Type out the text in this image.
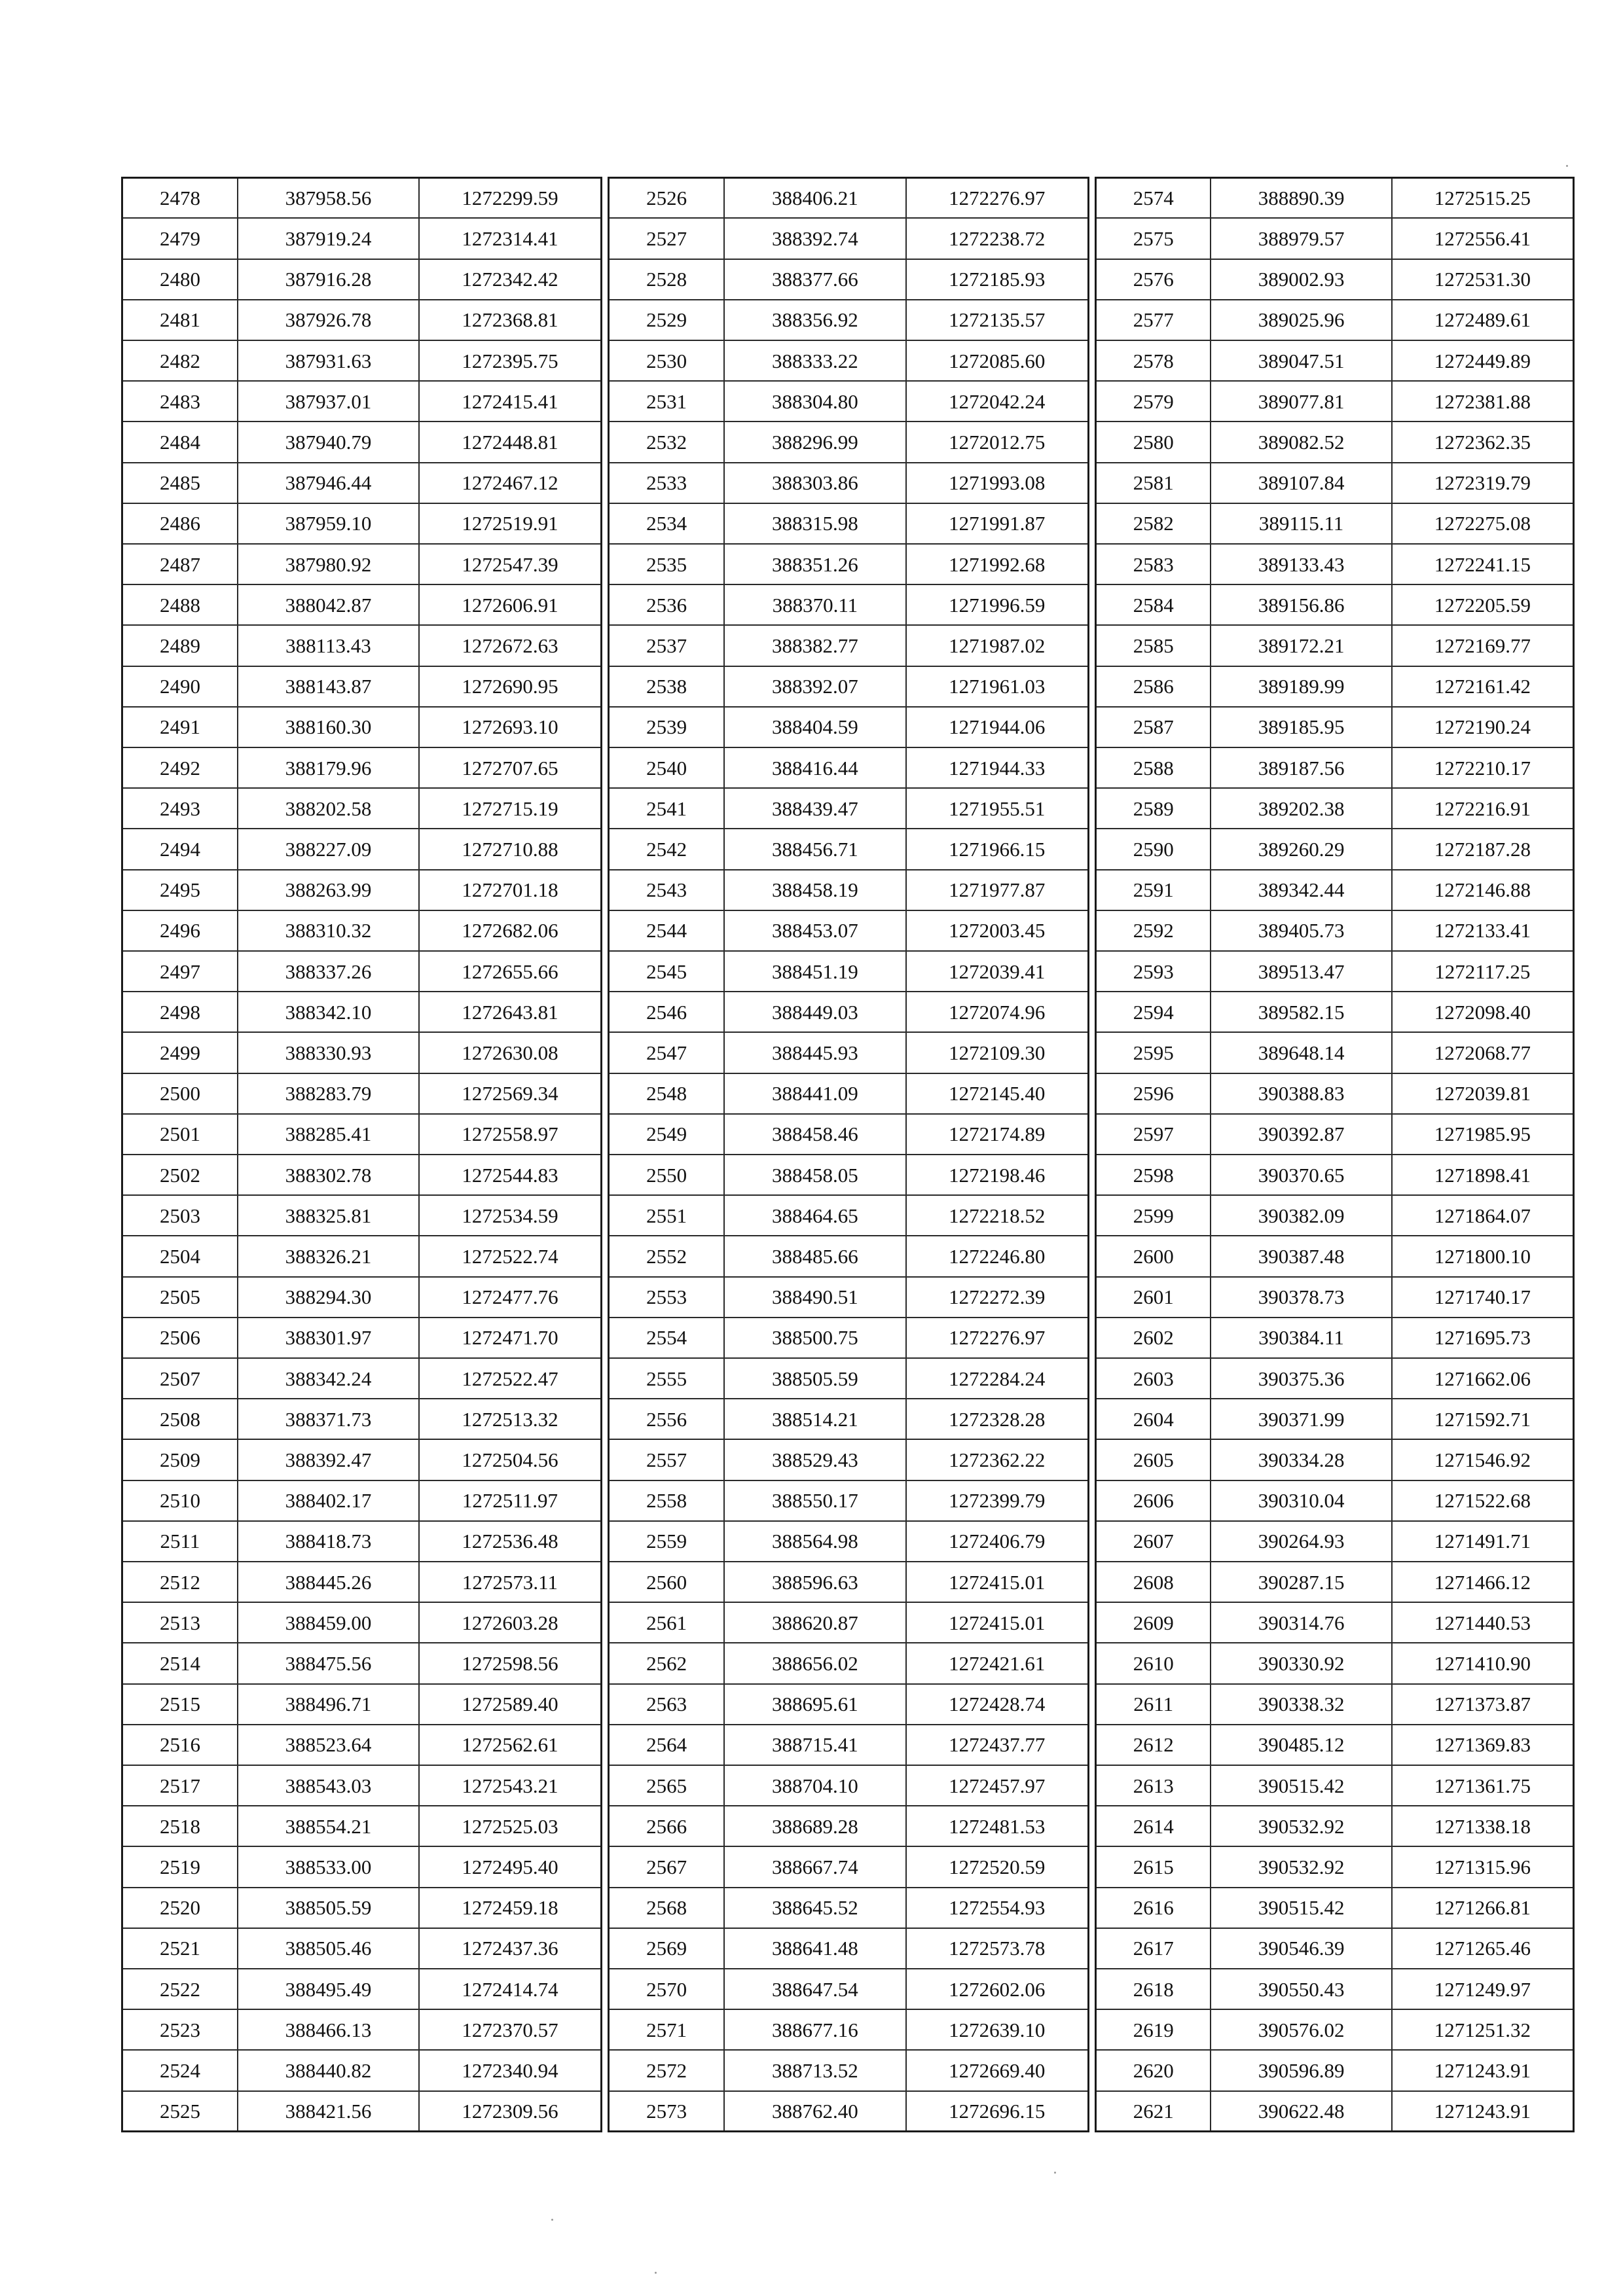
2478	387958.56	1272299.59
2479	387919.24	1272314.41
2480	387916.28	1272342.42
2481	387926.78	1272368.81
2482	387931.63	1272395.75
2483	387937.01	1272415.41
2484	387940.79	1272448.81
2485	387946.44	1272467.12
2486	387959.10	1272519.91
2487	387980.92	1272547.39
2488	388042.87	1272606.91
2489	388113.43	1272672.63
2490	388143.87	1272690.95
2491	388160.30	1272693.10
2492	388179.96	1272707.65
2493	388202.58	1272715.19
2494	388227.09	1272710.88
2495	388263.99	1272701.18
2496	388310.32	1272682.06
2497	388337.26	1272655.66
2498	388342.10	1272643.81
2499	388330.93	1272630.08
2500	388283.79	1272569.34
2501	388285.41	1272558.97
2502	388302.78	1272544.83
2503	388325.81	1272534.59
2504	388326.21	1272522.74
2505	388294.30	1272477.76
2506	388301.97	1272471.70
2507	388342.24	1272522.47
2508	388371.73	1272513.32
2509	388392.47	1272504.56
2510	388402.17	1272511.97
2511	388418.73	1272536.48
2512	388445.26	1272573.11
2513	388459.00	1272603.28
2514	388475.56	1272598.56
2515	388496.71	1272589.40
2516	388523.64	1272562.61
2517	388543.03	1272543.21
2518	388554.21	1272525.03
2519	388533.00	1272495.40
2520	388505.59	1272459.18
2521	388505.46	1272437.36
2522	388495.49	1272414.74
2523	388466.13	1272370.57
2524	388440.82	1272340.94
2525	388421.56	1272309.56
2526	388406.21	1272276.97
2527	388392.74	1272238.72
2528	388377.66	1272185.93
2529	388356.92	1272135.57
2530	388333.22	1272085.60
2531	388304.80	1272042.24
2532	388296.99	1272012.75
2533	388303.86	1271993.08
2534	388315.98	1271991.87
2535	388351.26	1271992.68
2536	388370.11	1271996.59
2537	388382.77	1271987.02
2538	388392.07	1271961.03
2539	388404.59	1271944.06
2540	388416.44	1271944.33
2541	388439.47	1271955.51
2542	388456.71	1271966.15
2543	388458.19	1271977.87
2544	388453.07	1272003.45
2545	388451.19	1272039.41
2546	388449.03	1272074.96
2547	388445.93	1272109.30
2548	388441.09	1272145.40
2549	388458.46	1272174.89
2550	388458.05	1272198.46
2551	388464.65	1272218.52
2552	388485.66	1272246.80
2553	388490.51	1272272.39
2554	388500.75	1272276.97
2555	388505.59	1272284.24
2556	388514.21	1272328.28
2557	388529.43	1272362.22
2558	388550.17	1272399.79
2559	388564.98	1272406.79
2560	388596.63	1272415.01
2561	388620.87	1272415.01
2562	388656.02	1272421.61
2563	388695.61	1272428.74
2564	388715.41	1272437.77
2565	388704.10	1272457.97
2566	388689.28	1272481.53
2567	388667.74	1272520.59
2568	388645.52	1272554.93
2569	388641.48	1272573.78
2570	388647.54	1272602.06
2571	388677.16	1272639.10
2572	388713.52	1272669.40
2573	388762.40	1272696.15
2574	388890.39	1272515.25
2575	388979.57	1272556.41
2576	389002.93	1272531.30
2577	389025.96	1272489.61
2578	389047.51	1272449.89
2579	389077.81	1272381.88
2580	389082.52	1272362.35
2581	389107.84	1272319.79
2582	389115.11	1272275.08
2583	389133.43	1272241.15
2584	389156.86	1272205.59
2585	389172.21	1272169.77
2586	389189.99	1272161.42
2587	389185.95	1272190.24
2588	389187.56	1272210.17
2589	389202.38	1272216.91
2590	389260.29	1272187.28
2591	389342.44	1272146.88
2592	389405.73	1272133.41
2593	389513.47	1272117.25
2594	389582.15	1272098.40
2595	389648.14	1272068.77
2596	390388.83	1272039.81
2597	390392.87	1271985.95
2598	390370.65	1271898.41
2599	390382.09	1271864.07
2600	390387.48	1271800.10
2601	390378.73	1271740.17
2602	390384.11	1271695.73
2603	390375.36	1271662.06
2604	390371.99	1271592.71
2605	390334.28	1271546.92
2606	390310.04	1271522.68
2607	390264.93	1271491.71
2608	390287.15	1271466.12
2609	390314.76	1271440.53
2610	390330.92	1271410.90
2611	390338.32	1271373.87
2612	390485.12	1271369.83
2613	390515.42	1271361.75
2614	390532.92	1271338.18
2615	390532.92	1271315.96
2616	390515.42	1271266.81
2617	390546.39	1271265.46
2618	390550.43	1271249.97
2619	390576.02	1271251.32
2620	390596.89	1271243.91
2621	390622.48	1271243.91
